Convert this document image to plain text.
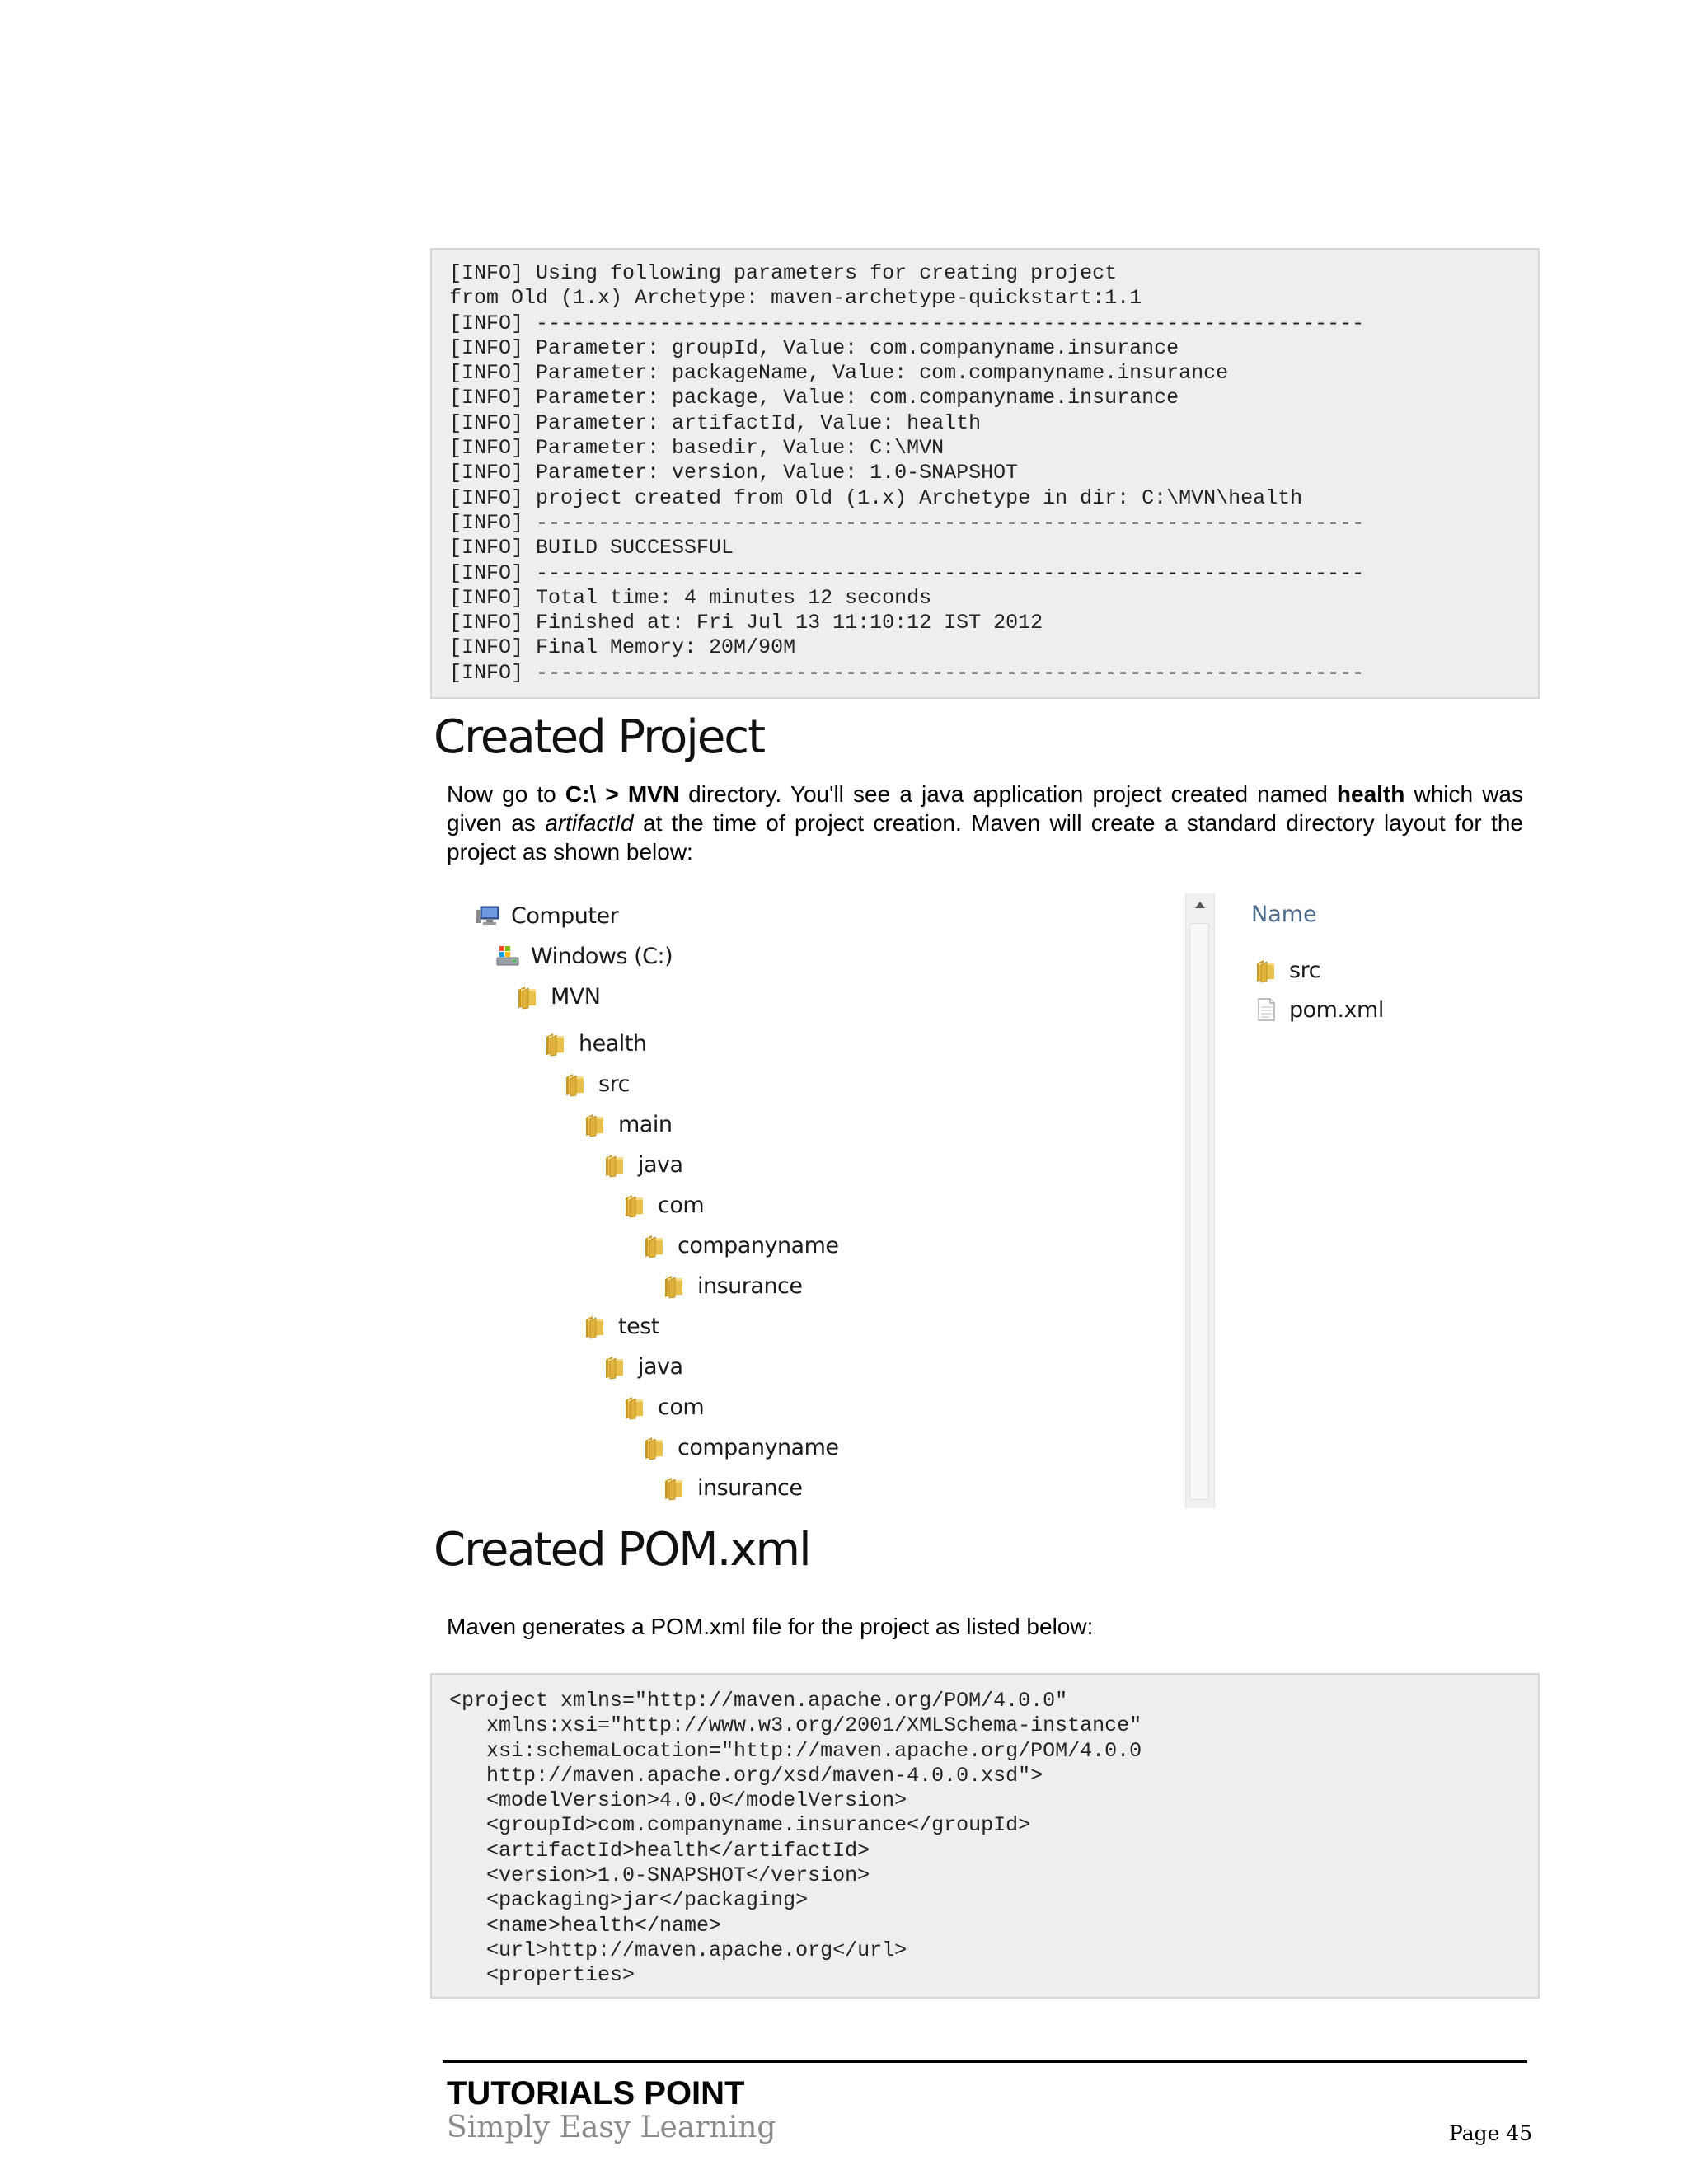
[INFO] Using following parameters for creating project
from Old (1.x) Archetype: maven-archetype-quickstart:1.1
[INFO] -------------------------------------------------------------------
[INFO] Parameter: groupId, Value: com.companyname.insurance
[INFO] Parameter: packageName, Value: com.companyname.insurance
[INFO] Parameter: package, Value: com.companyname.insurance
[INFO] Parameter: artifactId, Value: health
[INFO] Parameter: basedir, Value: C:\MVN
[INFO] Parameter: version, Value: 1.0-SNAPSHOT
[INFO] project created from Old (1.x) Archetype in dir: C:\MVN\health
[INFO] -------------------------------------------------------------------
[INFO] BUILD SUCCESSFUL
[INFO] -------------------------------------------------------------------
[INFO] Total time: 4 minutes 12 seconds
[INFO] Finished at: Fri Jul 13 11:10:12 IST 2012
[INFO] Final Memory: 20M/90M
[INFO] -------------------------------------------------------------------
Created Project

Now go to C:\ > MVN directory. You'll see a java application project created named health which was given as artifactId at the time of project creation. Maven will create a standard directory layout for the project as shown below:

Computer
Windows (C:)
MVN
health
src
main
java
com
companyname
insurance
test
java
com
companyname
insurance
Name
src
pom.xml
Created POM.xml

Maven generates a POM.xml file for the project as listed below:

<project xmlns="http://maven.apache.org/POM/4.0.0"
xmlns:xsi="http://www.w3.org/2001/XMLSchema-instance"
xsi:schemaLocation="http://maven.apache.org/POM/4.0.0
http://maven.apache.org/xsd/maven-4.0.0.xsd">
<modelVersion>4.0.0</modelVersion>
<groupId>com.companyname.insurance</groupId>
<artifactId>health</artifactId>
<version>1.0-SNAPSHOT</version>
<packaging>jar</packaging>
<name>health</name>
<url>http://maven.apache.org</url>
<properties>

TUTORIALS POINT

Simply Easy Learning	Page 45
